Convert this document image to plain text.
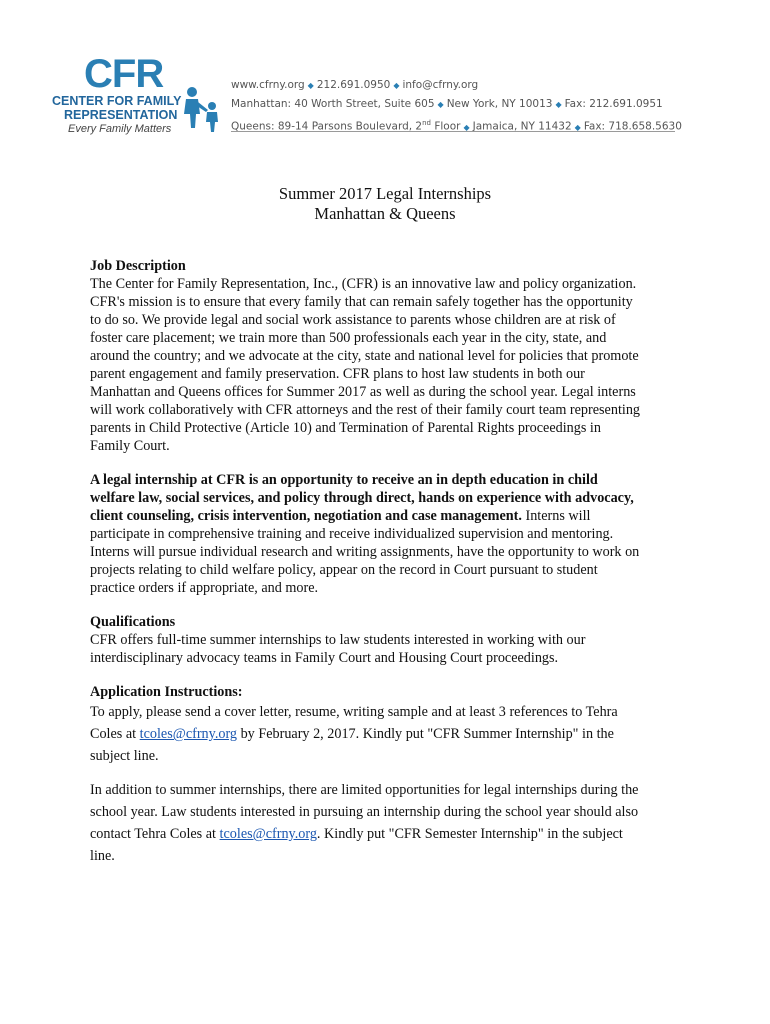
CFR
CENTER FOR FAMILY
REPRESENTATION
Every Family Matters
www.cfrny.org ◆ 212.691.0950 ◆ info@cfrny.org
Manhattan: 40 Worth Street, Suite 605 ◆ New York, NY 10013 ◆ Fax: 212.691.0951
Queens: 89-14 Parsons Boulevard, 2nd Floor ◆ Jamaica, NY 11432 ◆ Fax: 718.658.5630
Summer 2017 Legal Internships
Manhattan & Queens

Job Description

The Center for Family Representation, Inc., (CFR) is an innovative law and policy organization.

CFR's mission is to ensure that every family that can remain safely together has the opportunity

to do so. We provide legal and social work assistance to parents whose children are at risk of

foster care placement; we train more than 500 professionals each year in the city, state, and

around the country; and we advocate at the city, state and national level for policies that promote

parent engagement and family preservation. CFR plans to host law students in both our

Manhattan and Queens offices for Summer 2017 as well as during the school year. Legal interns

will work collaboratively with CFR attorneys and the rest of their family court team representing

parents in Child Protective (Article 10) and Termination of Parental Rights proceedings in

Family Court.

A legal internship at CFR is an opportunity to receive an in depth education in child

welfare law, social services, and policy through direct, hands on experience with advocacy,

client counseling, crisis intervention, negotiation and case management. Interns will

participate in comprehensive training and receive individualized supervision and mentoring.

Interns will pursue individual research and writing assignments, have the opportunity to work on

projects relating to child welfare policy, appear on the record in Court pursuant to student

practice orders if appropriate, and more.

Qualifications

CFR offers full-time summer internships to law students interested in working with our

interdisciplinary advocacy teams in Family Court and Housing Court proceedings.

Application Instructions:

To apply, please send a cover letter, resume, writing sample and at least 3 references to Tehra

Coles at tcoles@cfrny.org by February 2, 2017. Kindly put "CFR Summer Internship" in the

subject line.

In addition to summer internships, there are limited opportunities for legal internships during the

school year. Law students interested in pursuing an internship during the school year should also

contact Tehra Coles at tcoles@cfrny.org. Kindly put "CFR Semester Internship" in the subject

line.
